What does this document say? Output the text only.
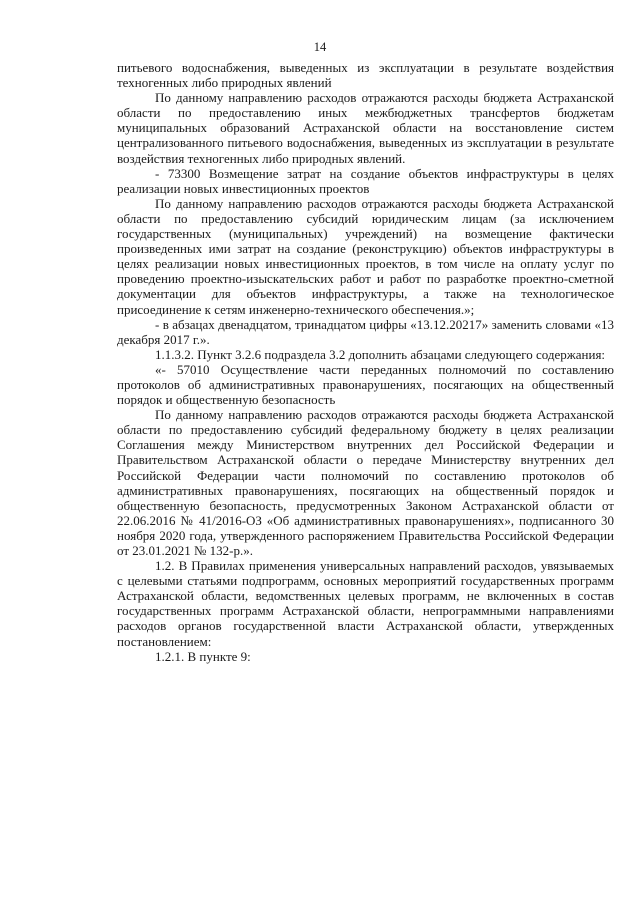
14

питьевого водоснабжения, выведенных из эксплуатации в результате воздействия техногенных либо природных явлений

По данному направлению расходов отражаются расходы бюджета Астраханской области по предоставлению иных межбюджетных трансфертов бюджетам муниципальных образований Астраханской области на восстановление систем централизованного питьевого водоснабжения, выведенных из эксплуатации в результате воздействия техногенных либо природных явлений.

- 73300 Возмещение затрат на создание объектов инфраструктуры в целях реализации новых инвестиционных проектов

По данному направлению расходов отражаются расходы бюджета Астраханской области по предоставлению субсидий юридическим лицам (за исключением государственных (муниципальных) учреждений) на возмещение фактически произведенных ими затрат на создание (реконструкцию) объектов инфраструктуры в целях реализации новых инвестиционных проектов, в том числе на оплату услуг по проведению проектно-изыскательских работ и работ по разработке проектно-сметной документации для объектов инфраструктуры, а также на технологическое присоединение к сетям инженерно-технического обеспечения.»;

- в абзацах двенадцатом, тринадцатом цифры «13.12.20217» заменить словами «13 декабря 2017 г.».

1.1.3.2. Пункт 3.2.6 подраздела 3.2 дополнить абзацами следующего содержания:

«- 57010 Осуществление части переданных полномочий по составлению протоколов об административных правонарушениях, посягающих на общественный порядок и общественную безопасность

По данному направлению расходов отражаются расходы бюджета Астраханской области по предоставлению субсидий федеральному бюджету в целях реализации Соглашения между Министерством внутренних дел Российской Федерации и Правительством Астраханской области о передаче Министерству внутренних дел Российской Федерации части полномочий по составлению протоколов об административных правонарушениях, посягающих на общественный порядок и общественную безопасность, предусмотренных Законом Астраханской области от 22.06.2016 № 41/2016-ОЗ «Об административных правонарушениях», подписанного 30 ноября 2020 года, утвержденного распоряжением Правительства Российской Федерации от 23.01.2021 № 132-р.».

1.2. В Правилах применения универсальных направлений расходов, увязываемых с целевыми статьями подпрограмм, основных мероприятий государственных программ Астраханской области, ведомственных целевых программ, не включенных в состав государственных программ Астраханской области, непрограммными направлениями расходов органов государственной власти Астраханской области, утвержденных постановлением:

1.2.1. В пункте 9:
